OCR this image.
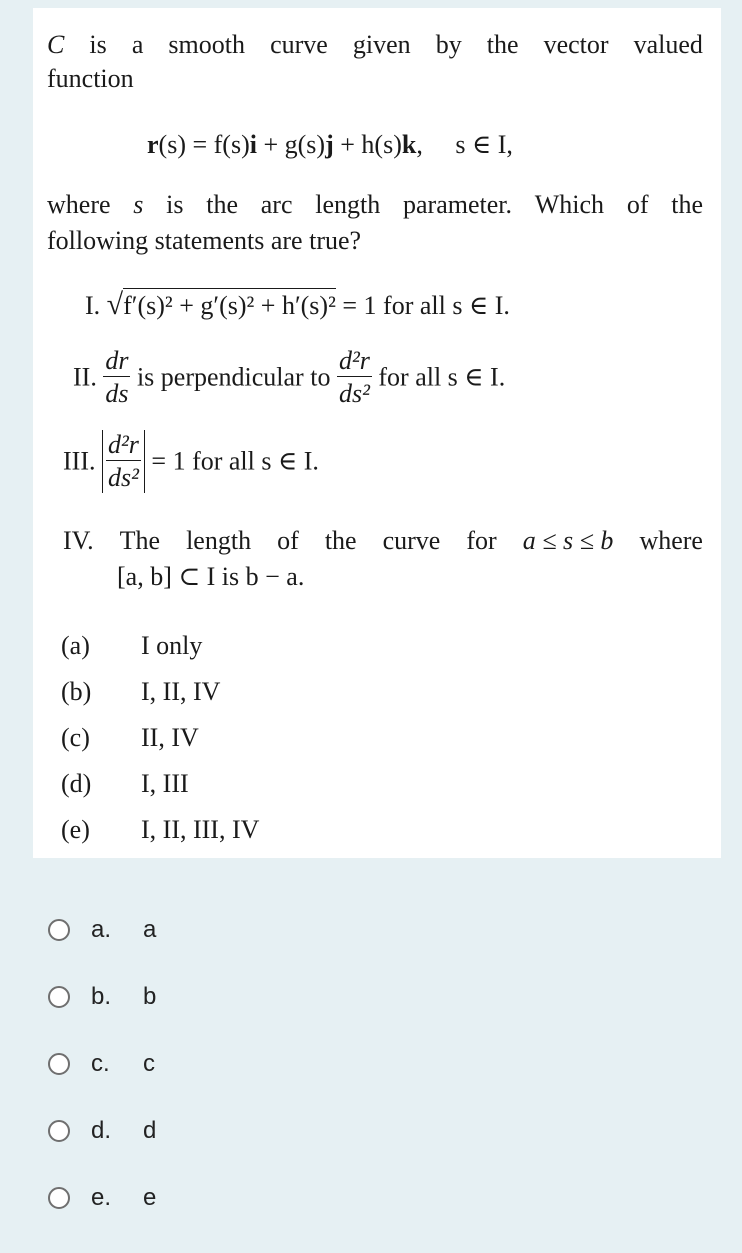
C is a smooth curve given by the vector valued
function
r(s) = f(s)i + g(s)j + h(s)k,     s ∈ I,
where s is the arc length parameter. Which of the
following statements are true?
I. √f′(s)² + g′(s)² + h′(s)² = 1 for all s ∈ I.
II. $\frac{dr}{ds}$ is perpendicular to $\frac{\text{d²r}}{\text{ds²}}$ for all s ∈ I.
III. $\frac{\text{d²r}}{\text{ds²}} = 1$ for all s ∈ I.
IV. The length of the curve for a ≤ s ≤ b where
[a, b] ⊂ I is b − a.
(a) I only
(b) I, II, IV
(c) II, IV
(d) I, III
(e) I, II, III, IV
a. a
b. b
c. c
d. d
e. e
